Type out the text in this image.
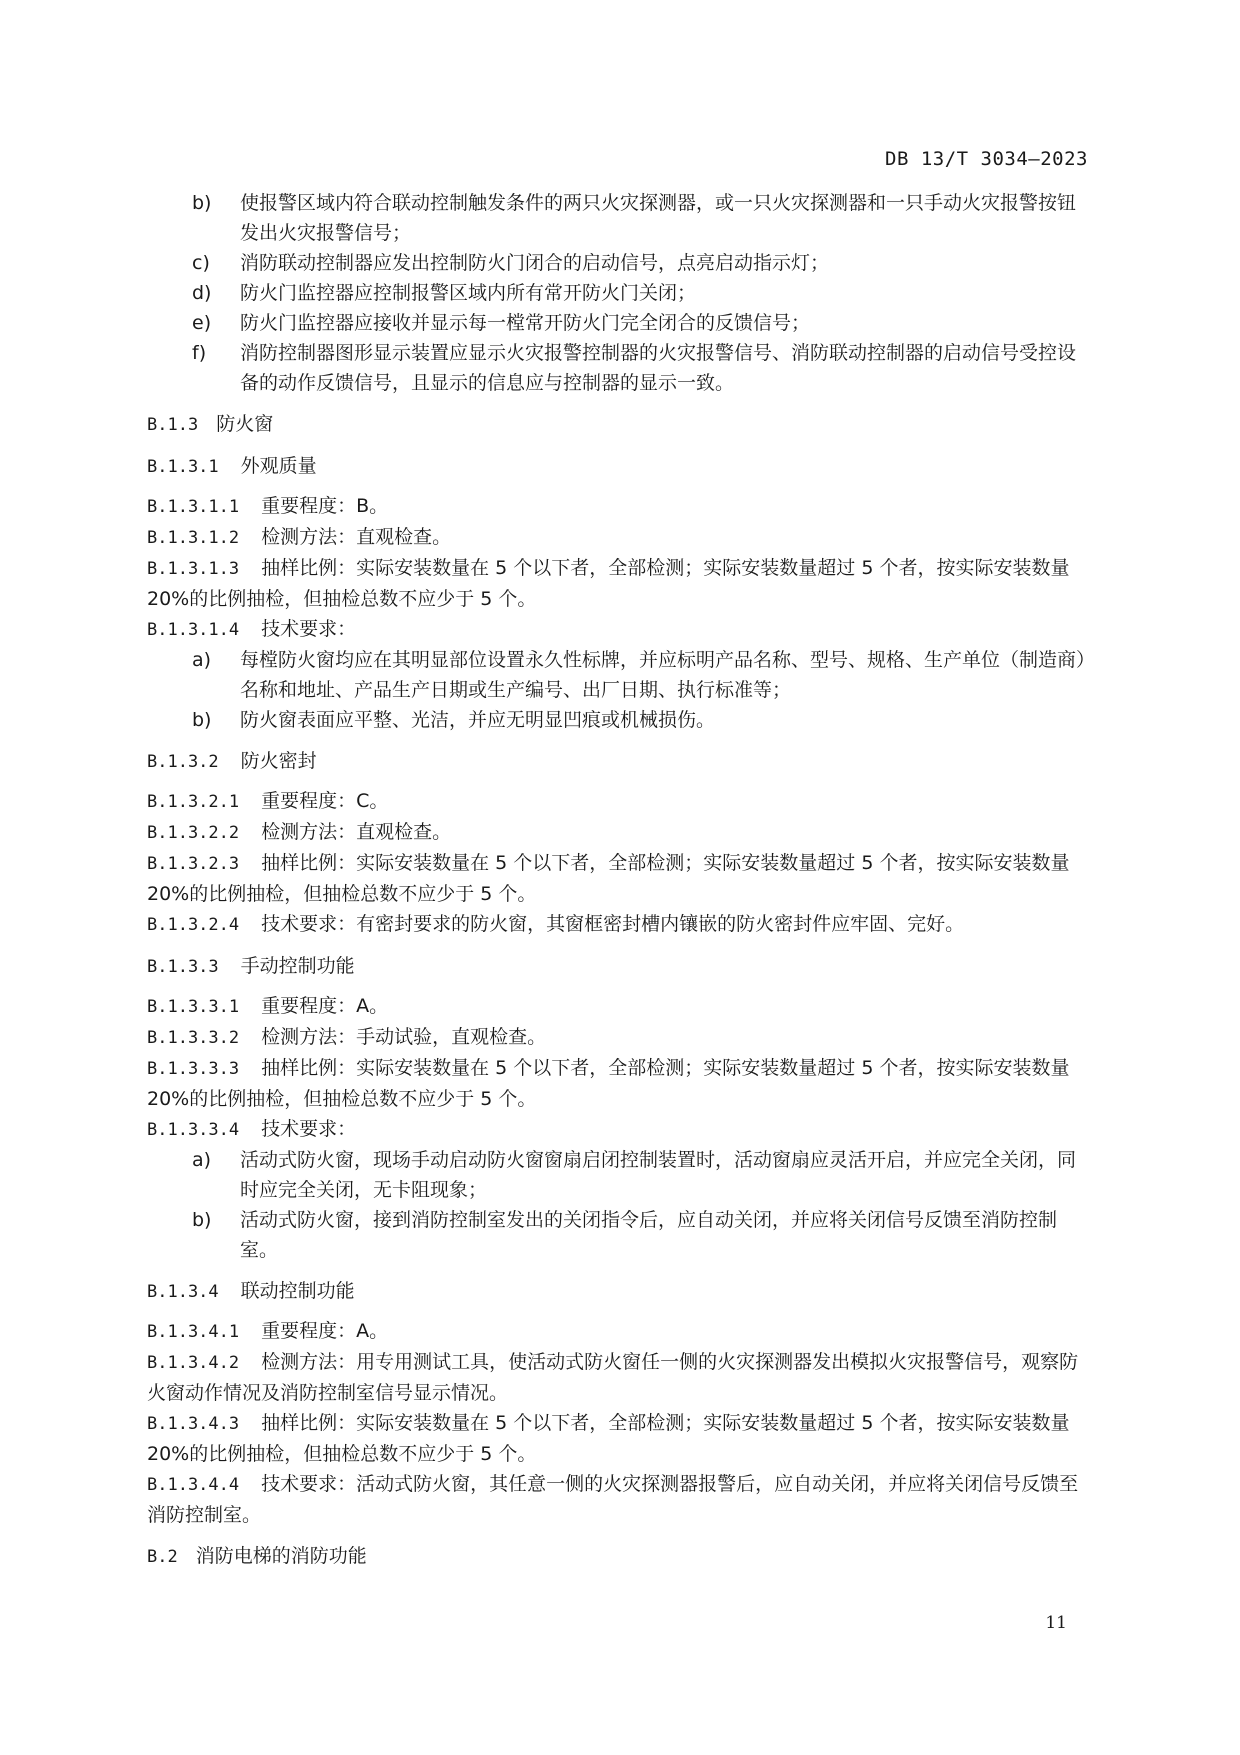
DB 13/T 3034—2023
b) 使报警区域内符合联动控制触发条件的两只火灾探测器，或一只火灾探测器和一只手动火灾报警按钮发出火灾报警信号；
c) 消防联动控制器应发出控制防火门闭合的启动信号，点亮启动指示灯；
d) 防火门监控器应控制报警区域内所有常开防火门关闭；
e) 防火门监控器应接收并显示每一樘常开防火门完全闭合的反馈信号；
f) 消防控制器图形显示装置应显示火灾报警控制器的火灾报警信号、消防联动控制器的启动信号受控设备的动作反馈信号，且显示的信息应与控制器的显示一致。
B.1.3 防火窗
B.1.3.1 外观质量

B.1.3.1.1 重要程度：B。

B.1.3.1.2 检测方法：直观检查。

B.1.3.1.3 抽样比例：实际安装数量在 5 个以下者，全部检测；实际安装数量超过 5 个者，按实际安装数量 20%的比例抽检，但抽检总数不应少于 5 个。

B.1.3.1.4 技术要求：

a) 每樘防火窗均应在其明显部位设置永久性标牌，并应标明产品名称、型号、规格、生产单位（制造商）名称和地址、产品生产日期或生产编号、出厂日期、执行标准等；
b) 防火窗表面应平整、光洁，并应无明显凹痕或机械损伤。
B.1.3.2 防火密封

B.1.3.2.1 重要程度：C。

B.1.3.2.2 检测方法：直观检查。

B.1.3.2.3 抽样比例：实际安装数量在 5 个以下者，全部检测；实际安装数量超过 5 个者，按实际安装数量 20%的比例抽检，但抽检总数不应少于 5 个。

B.1.3.2.4 技术要求：有密封要求的防火窗，其窗框密封槽内镶嵌的防火密封件应牢固、完好。

B.1.3.3 手动控制功能

B.1.3.3.1 重要程度：A。

B.1.3.3.2 检测方法：手动试验，直观检查。

B.1.3.3.3 抽样比例：实际安装数量在 5 个以下者，全部检测；实际安装数量超过 5 个者，按实际安装数量 20%的比例抽检，但抽检总数不应少于 5 个。

B.1.3.3.4 技术要求：

a) 活动式防火窗，现场手动启动防火窗窗扇启闭控制装置时，活动窗扇应灵活开启，并应完全关闭，同时应完全关闭，无卡阻现象；
b) 活动式防火窗，接到消防控制室发出的关闭指令后，应自动关闭，并应将关闭信号反馈至消防控制室。
B.1.3.4 联动控制功能

B.1.3.4.1 重要程度：A。

B.1.3.4.2 检测方法：用专用测试工具，使活动式防火窗任一侧的火灾探测器发出模拟火灾报警信号，观察防火窗动作情况及消防控制室信号显示情况。

B.1.3.4.3 抽样比例：实际安装数量在 5 个以下者，全部检测；实际安装数量超过 5 个者，按实际安装数量 20%的比例抽检，但抽检总数不应少于 5 个。

B.1.3.4.4 技术要求：活动式防火窗，其任意一侧的火灾探测器报警后，应自动关闭，并应将关闭信号反馈至消防控制室。

B.2 消防电梯的消防功能
11
